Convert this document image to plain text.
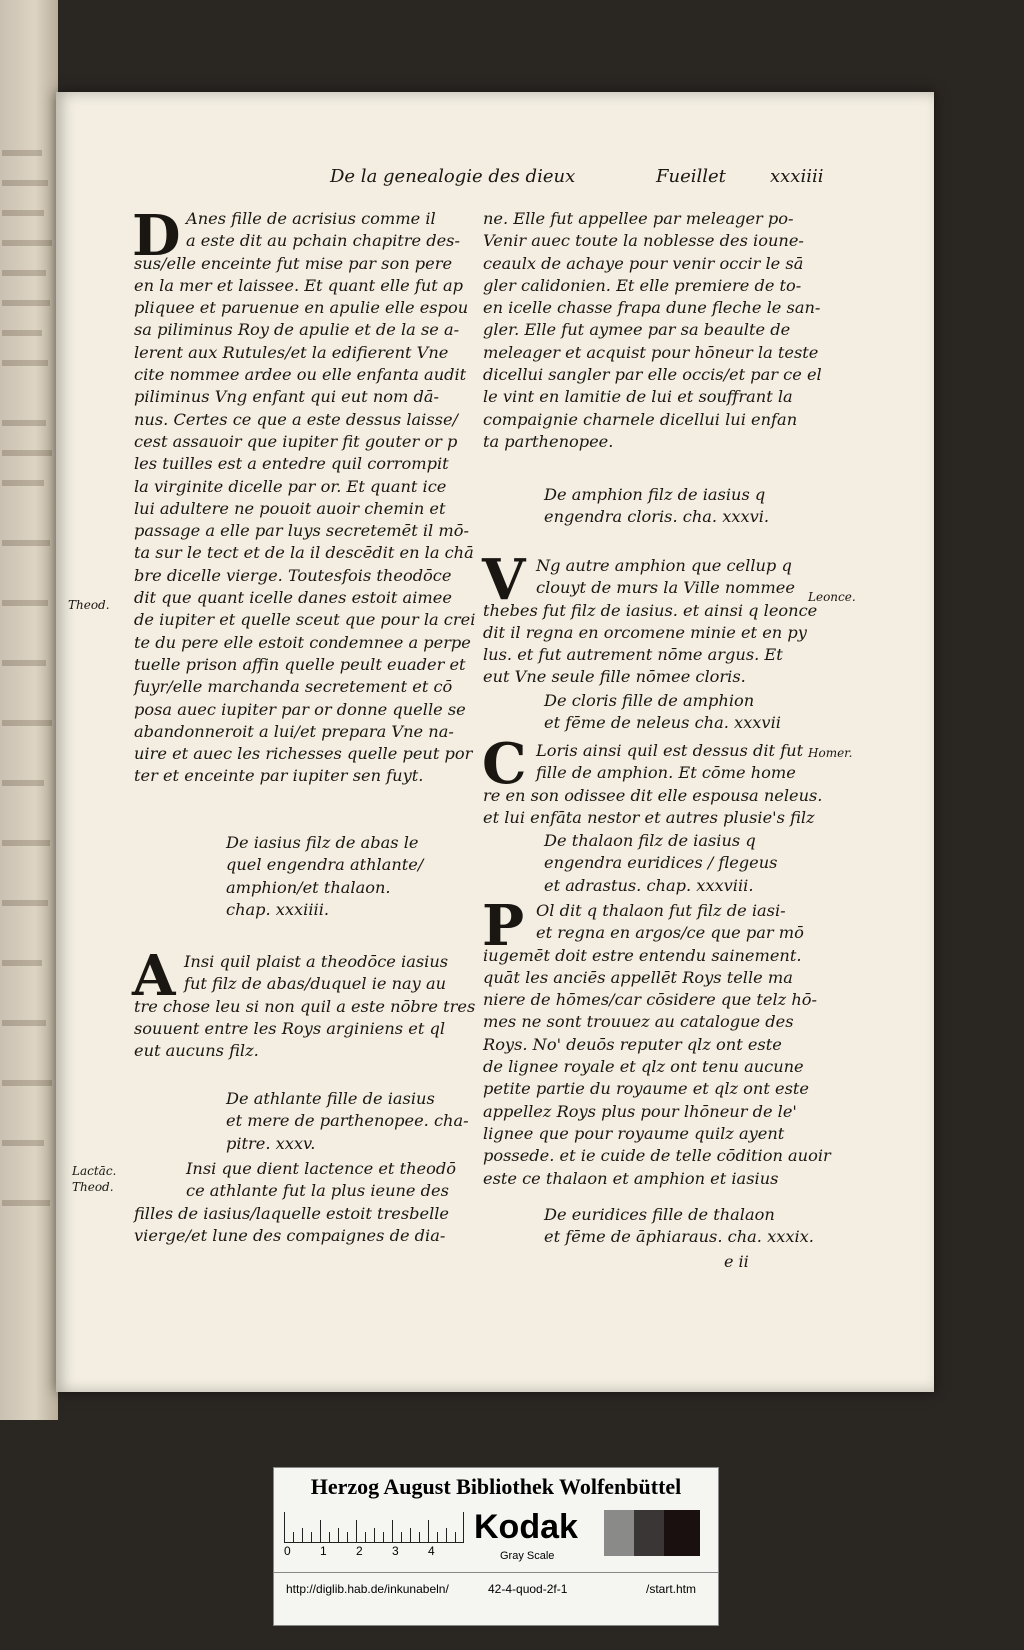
De la genealogie des dieux	Fueillet xxxiiii

D Anes fille de acrisius comme il

a este dit au pchain chapitre des-

sus/elle enceinte fut mise par son pere

en la mer et laissee. Et quant elle fut ap

pliquee et paruenue en apulie elle espou

sa piliminus Roy de apulie et de la se a-

lerent aux Rutules/et la edifierent Vne

cite nommee ardee ou elle enfanta audit

piliminus Vng enfant qui eut nom dā-

nus. Certes ce que a este dessus laisse/

cest assauoir que iupiter fit gouter or p

les tuilles est a entedre quil corrompit

la virginite dicelle par or. Et quant ice

lui adultere ne pouoit auoir chemin et

passage a elle par luys secretemēt il mō-

ta sur le tect et de la il descēdit en la chā

bre dicelle vierge. Toutesfois theodōce

dit que quant icelle danes estoit aimee

de iupiter et quelle sceut que pour la crei

te du pere elle estoit condemnee a perpe

tuelle prison affin quelle peult euader et

fuyr/elle marchanda secretement et cō

posa auec iupiter par or donne quelle se

abandonneroit a lui/et prepara Vne na-

uire et auec les richesses quelle peut por

ter et enceinte par iupiter sen fuyt.

De iasius filz de abas le

quel engendra athlante/

amphion/et thalaon.

chap. xxxiiii.

A Insi quil plaist a theodōce iasius

fut filz de abas/duquel ie nay au

tre chose leu si non quil a este nōbre tres

souuent entre les Roys arginiens et ql

eut aucuns filz.

De athlante fille de iasius

et mere de parthenopee. cha-

pitre. xxxv.

Insi que dient lactence et theodō

ce athlante fut la plus ieune des

filles de iasius/laquelle estoit tresbelle

vierge/et lune des compaignes de dia-

ne. Elle fut appellee par meleager po-

Venir auec toute la noblesse des ioune-

ceaulx de achaye pour venir occir le sā

gler calidonien. Et elle premiere de to-

en icelle chasse frapa dune fleche le san-

gler. Elle fut aymee par sa beaulte de

meleager et acquist pour hōneur la teste

dicellui sangler par elle occis/et par ce el

le vint en lamitie de lui et souffrant la

compaignie charnele dicellui lui enfan

ta parthenopee.

De amphion filz de iasius q

engendra cloris. cha. xxxvi.

V Ng autre amphion que cellup q

clouyt de murs la Ville nommee

thebes fut filz de iasius. et ainsi q leonce

dit il regna en orcomene minie et en py

lus. et fut autrement nōme argus. Et

eut Vne seule fille nōmee cloris.

De cloris fille de amphion

et fēme de neleus cha. xxxvii

C Loris ainsi quil est dessus dit fut

fille de amphion. Et cōme home

re en son odissee dit elle espousa neleus.

et lui enfāta nestor et autres plusie's filz

De thalaon filz de iasius q

engendra euridices / flegeus

et adrastus. chap. xxxviii.

P Ol dit q thalaon fut filz de iasi-

et regna en argos/ce que par mō

iugemēt doit estre entendu sainement.

quāt les anciēs appellēt Roys telle ma

niere de hōmes/car cōsidere que telz hō-

mes ne sont trouuez au catalogue des

Roys. No' deuōs reputer qlz ont este

de lignee royale et qlz ont tenu aucune

petite partie du royaume et qlz ont este

appellez Roys plus pour lhōneur de le'

lignee que pour royaume quilz ayent

possede. et ie cuide de telle cōdition auoir

este ce thalaon et amphion et iasius

De euridices fille de thalaon

et fēme de āphiaraus. cha. xxxix.

e ii

Theod.

Leonce.

Homer.

Lactāc.

Theod.

Herzog August Bibliothek Wolfenbüttel
0 1 2 3 4
Kodak
Gray Scale
http://diglib.hab.de/inkunabeln/	42-4-quod-2f-1	/start.htm
